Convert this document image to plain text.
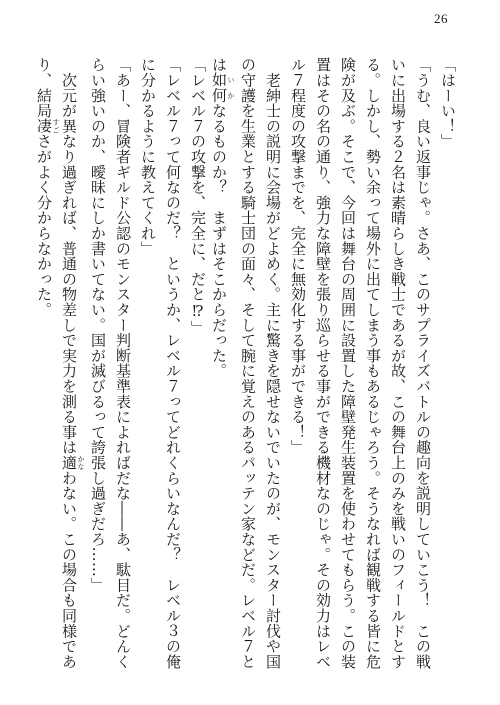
26
「はーい！」
「うむ、良い返事じゃ。さあ、このサプライズバトルの趣向を説明していこう！　この戦
いに出場する２名は素晴らしき戦士であるが故、この舞台上のみを戦いのフィールドとす
る。しかし、勢い余って場外に出てしまう事もあるじゃろう。そうなれば観戦する皆に危
険が及ぶ。そこで、今回は舞台の周囲に設置した障壁発生装置を使わせてもらう。この装
置はその名の通り、強力な障壁を張り巡らせる事ができる機材なのじゃ。その効力はレベ
ル７程度の攻撃までを、完全に無効化する事ができる！」
　老紳士の説明に会場がどよめく。主に驚きを隠せないでいたのが、モンスター討伐や国
の守護を生業とする騎士団の面々、そして腕に覚えのあるパッテン家などだ。レベル７と
は如何 いかなるものか？　まずはそこからだった。
「レベル７の攻撃を、完全に、だと⁉」
「レベル７って何なのだ？　というか、レベル７ってどれくらいなんだ？　レベル３の俺
に分かるように教えてくれ」
「あー、冒険者ギルド公認のモンスター判断基準表によればだな――あ、駄目だ。どんく
らい強いのか、曖昧にしか書いてない。国が滅びるって誇張し過ぎだろ……」
　次元が異なり過ぎれば、普通の物差しで実力を測る事は適 かなわない。この場合も同様であ
り、結局凄 すごさがよく分からなかった。
